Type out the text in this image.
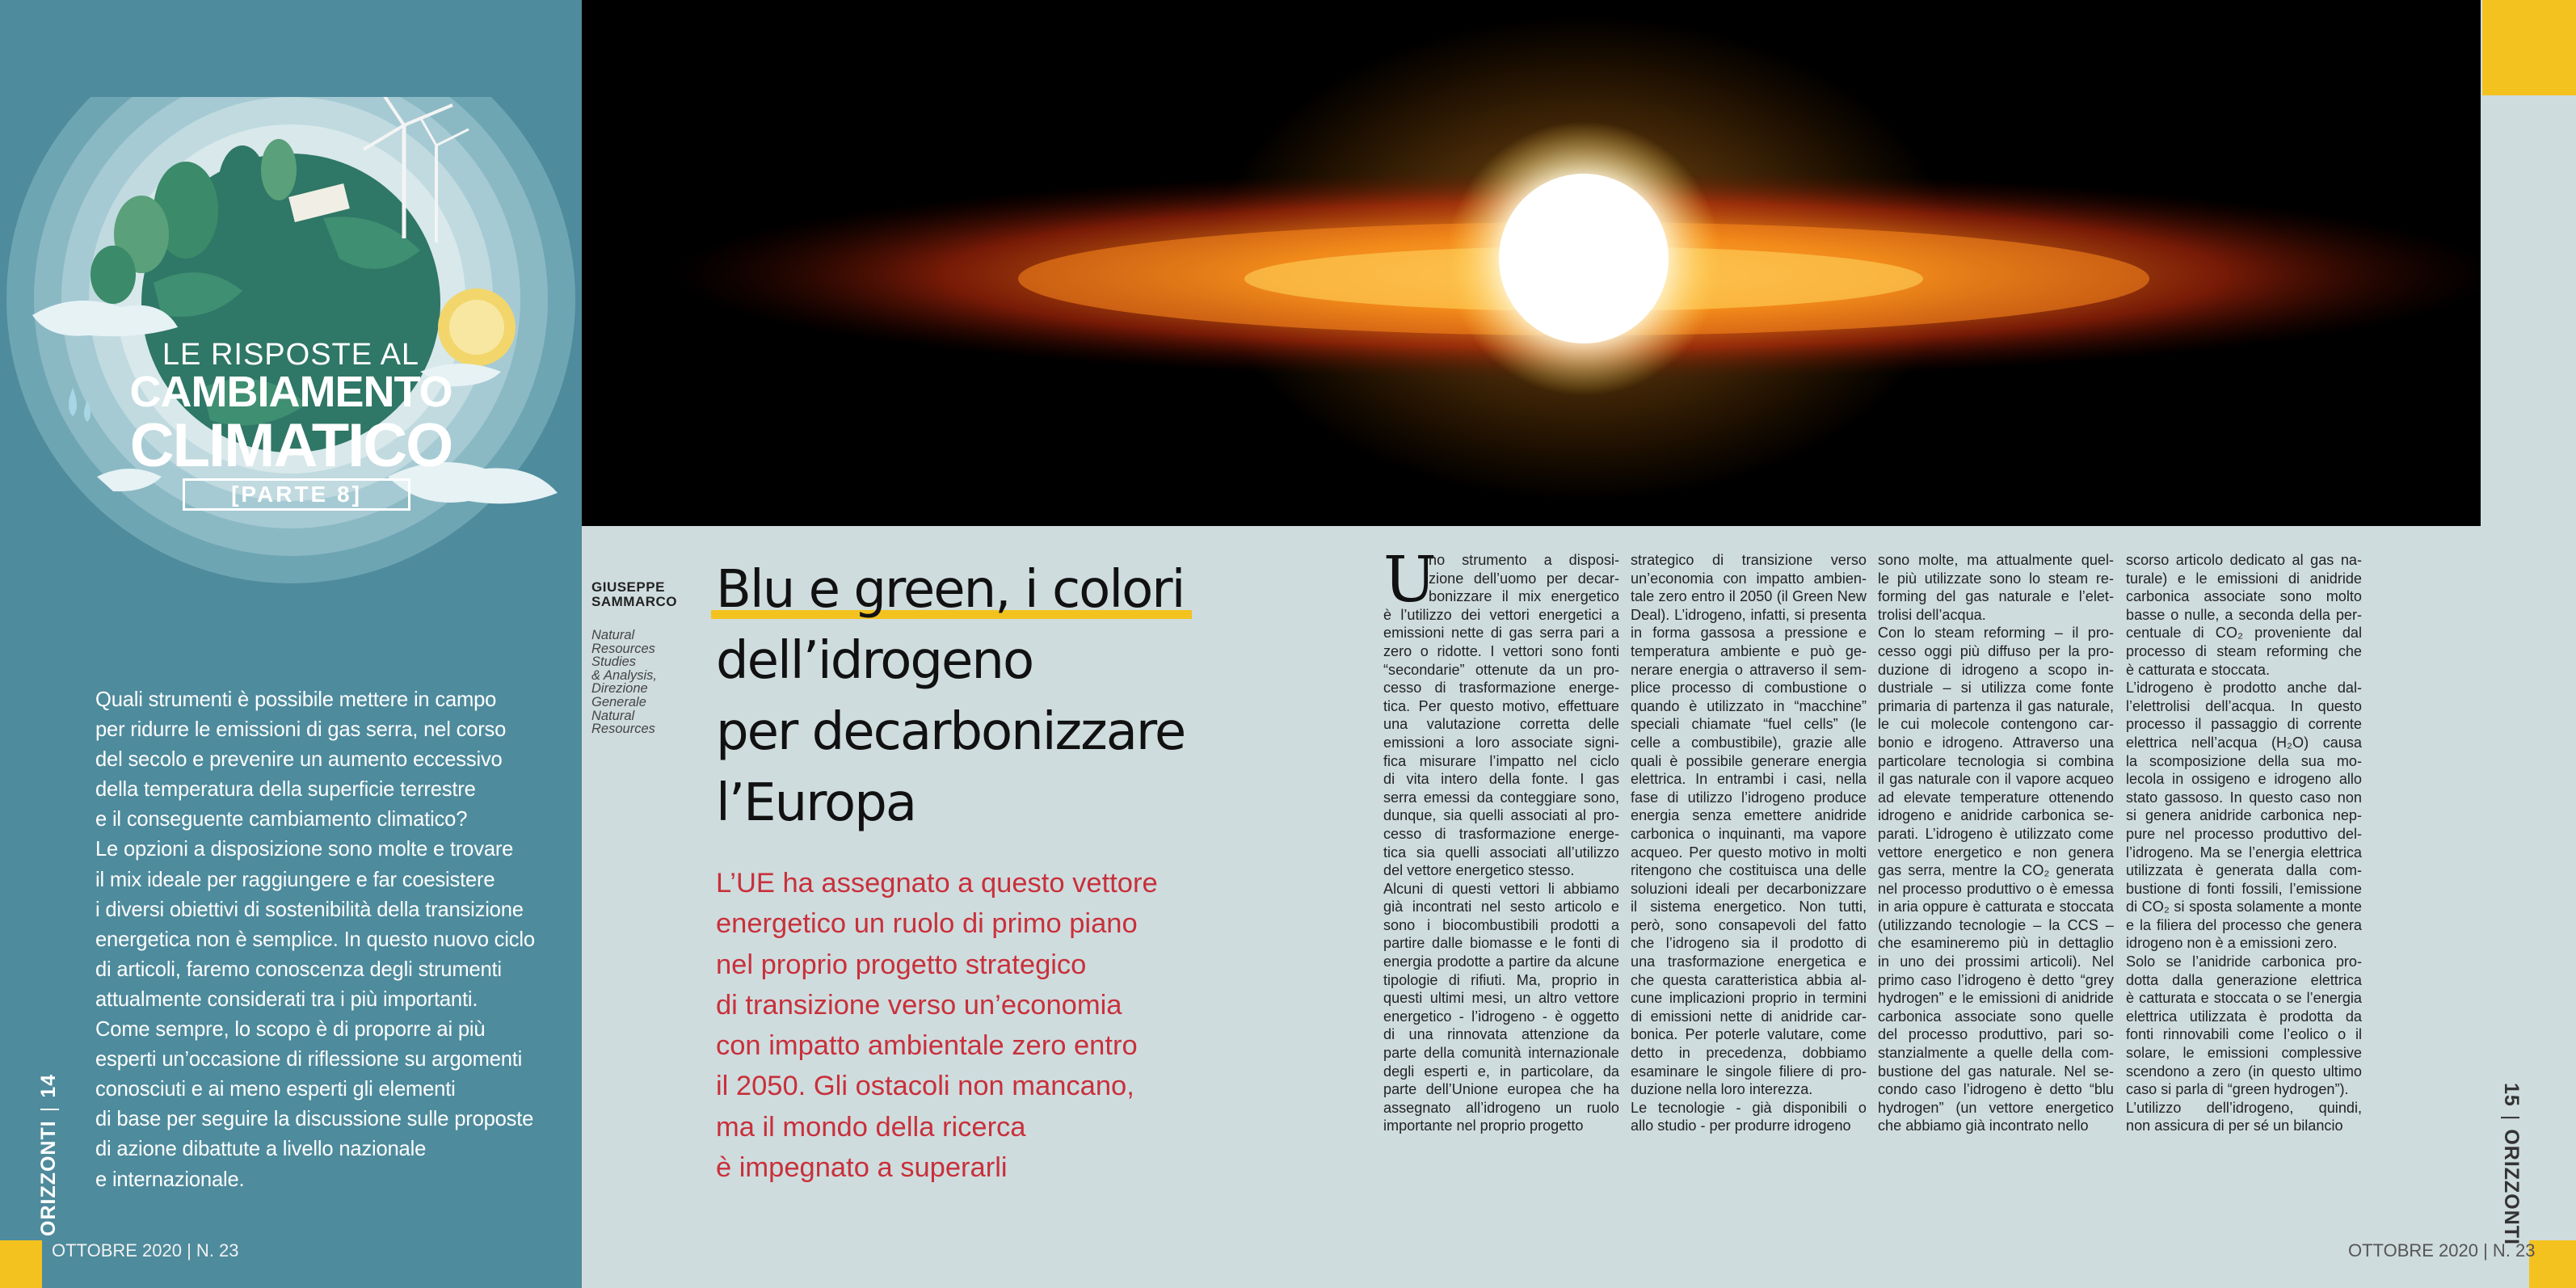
LE RISPOSTE AL
CAMBIAMENTO
CLIMATICO
[PARTE 8]
Quali strumenti è possibile mettere in campo
per ridurre le emissioni di gas serra, nel corso
del secolo e prevenire un aumento eccessivo
della temperatura della superficie terrestre
e il conseguente cambiamento climatico?
Le opzioni a disposizione sono molte e trovare
il mix ideale per raggiungere e far coesistere
i diversi obiettivi di sostenibilità della transizione
energetica non è semplice. In questo nuovo ciclo
di articoli, faremo conoscenza degli strumenti
attualmente considerati tra i più importanti.
Come sempre, lo scopo è di proporre ai più
esperti un’occasione di riflessione su argomenti
conosciuti e ai meno esperti gli elementi
di base per seguire la discussione sulle proposte
di azione dibattute a livello nazionale
e internazionale.
ORIZZONTI|14
OTTOBRE 2020 | N. 23
GIUSEPPE
SAMMARCO
Natural
Resources
Studies
& Analysis,
Direzione
Generale
Natural
Resources
Blu e green, i colori
dell’idrogeno
per decarbonizzare
l’Europa
L’UE ha assegnato a questo vettore
energetico un ruolo di primo piano
nel proprio progetto strategico
di transizione verso un’economia
con impatto ambientale zero entro
il 2050. Gli ostacoli non mancano,
ma il mondo della ricerca
è impegnato a superarli
U
no strumento a disposi-
zione dell’uomo per decar-
bonizzare il mix energetico
è l’utilizzo dei vettori energetici a
emissioni nette di gas serra pari a
zero o ridotte. I vettori sono fonti
“secondarie” ottenute da un pro-
cesso di trasformazione energe-
tica. Per questo motivo, effettuare
una valutazione corretta delle
emissioni a loro associate signi-
fica misurare l’impatto nel ciclo
di vita intero della fonte. I gas
serra emessi da conteggiare sono,
dunque, sia quelli associati al pro-
cesso di trasformazione energe-
tica sia quelli associati all’utilizzo
del vettore energetico stesso.
Alcuni di questi vettori li abbiamo
già incontrati nel sesto articolo e
sono i biocombustibili prodotti a
partire dalle biomasse e le fonti di
energia prodotte a partire da alcune
tipologie di rifiuti. Ma, proprio in
questi ultimi mesi, un altro vettore
energetico - l’idrogeno - è oggetto
di una rinnovata attenzione da
parte della comunità internazionale
degli esperti e, in particolare, da
parte dell’Unione europea che ha
assegnato all’idrogeno un ruolo
importante nel proprio progetto
strategico di transizione verso
un’economia con impatto ambien-
tale zero entro il 2050 (il Green New
Deal). L’idrogeno, infatti, si presenta
in forma gassosa a pressione e
temperatura ambiente e può ge-
nerare energia o attraverso il sem-
plice processo di combustione o
quando è utilizzato in “macchine”
speciali chiamate “fuel cells” (le
celle a combustibile), grazie alle
quali è possibile generare energia
elettrica. In entrambi i casi, nella
fase di utilizzo l’idrogeno produce
energia senza emettere anidride
carbonica o inquinanti, ma vapore
acqueo. Per questo motivo in molti
ritengono che costituisca una delle
soluzioni ideali per decarbonizzare
il sistema energetico. Non tutti,
però, sono consapevoli del fatto
che l’idrogeno sia il prodotto di
una trasformazione energetica e
che questa caratteristica abbia al-
cune implicazioni proprio in termini
di emissioni nette di anidride car-
bonica. Per poterle valutare, come
detto in precedenza, dobbiamo
esaminare le singole filiere di pro-
duzione nella loro interezza.
Le tecnologie - già disponibili o
allo studio - per produrre idrogeno
sono molte, ma attualmente quel-
le più utilizzate sono lo steam re-
forming del gas naturale e l’elet-
trolisi dell’acqua.
Con lo steam reforming – il pro-
cesso oggi più diffuso per la pro-
duzione di idrogeno a scopo in-
dustriale – si utilizza come fonte
primaria di partenza il gas naturale,
le cui molecole contengono car-
bonio e idrogeno. Attraverso una
particolare tecnologia si combina
il gas naturale con il vapore acqueo
ad elevate temperature ottenendo
idrogeno e anidride carbonica se-
parati. L’idrogeno è utilizzato come
vettore energetico e non genera
gas serra, mentre la CO₂ generata
nel processo produttivo o è emessa
in aria oppure è catturata e stoccata
(utilizzando tecnologie – la CCS –
che esamineremo più in dettaglio
in uno dei prossimi articoli). Nel
primo caso l’idrogeno è detto “grey
hydrogen” e le emissioni di anidride
carbonica associate sono quelle
del processo produttivo, pari so-
stanzialmente a quelle della com-
bustione del gas naturale. Nel se-
condo caso l’idrogeno è detto “blu
hydrogen” (un vettore energetico
che abbiamo già incontrato nello
scorso articolo dedicato al gas na-
turale) e le emissioni di anidride
carbonica associate sono molto
basse o nulle, a seconda della per-
centuale di CO₂ proveniente dal
processo di steam reforming che
è catturata e stoccata.
L’idrogeno è prodotto anche dal-
l’elettrolisi dell’acqua. In questo
processo il passaggio di corrente
elettrica nell’acqua (H₂O) causa
la scomposizione della sua mo-
lecola in ossigeno e idrogeno allo
stato gassoso. In questo caso non
si genera anidride carbonica nep-
pure nel processo produttivo del-
l’idrogeno. Ma se l’energia elettrica
utilizzata è generata dalla com-
bustione di fonti fossili, l’emissione
di CO₂ si sposta solamente a monte
e la filiera del processo che genera
idrogeno non è a emissioni zero.
Solo se l’anidride carbonica pro-
dotta dalla generazione elettrica
è catturata e stoccata o se l’energia
elettrica utilizzata è prodotta da
fonti rinnovabili come l’eolico o il
solare, le emissioni complessive
scendono a zero (in questo ultimo
caso si parla di “green hydrogen”).
L’utilizzo dell’idrogeno, quindi,
non assicura di per sé un bilancio
15|ORIZZONTI
OTTOBRE 2020 | N. 23
